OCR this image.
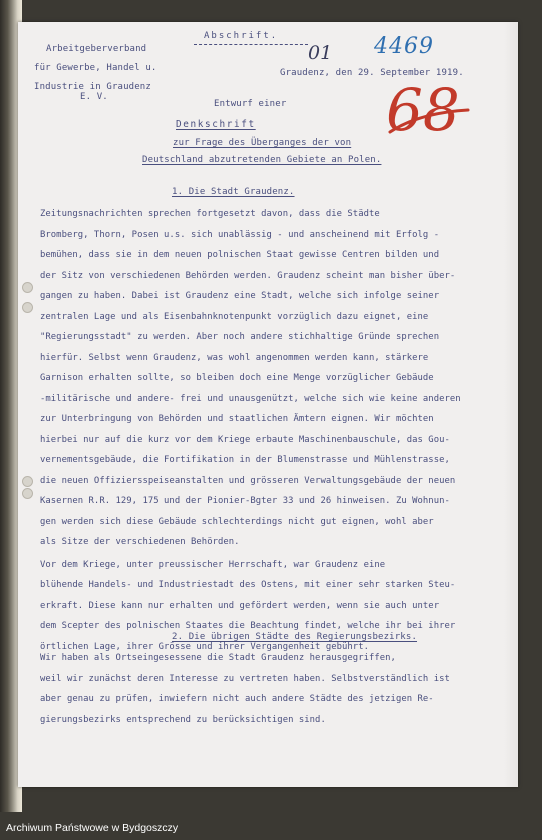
Arbeitgeberverband

für Gewerbe, Handel u.

Industrie in Graudenz

E. V.

Abschrift.

Graudenz, den 29. September 1919.

01 4469

68

Entwurf einer

Denkschrift

zur Frage des Überganges der von

Deutschland abzutretenden Gebiete an Polen.

1. Die Stadt Graudenz.

Zeitungsnachrichten sprechen fortgesetzt davon, dass die Städte
Bromberg, Thorn, Posen u.s. sich unablässig - und anscheinend mit Erfolg -
bemühen, dass sie in dem neuen polnischen Staat gewisse Centren bilden und
der Sitz von verschiedenen Behörden werden. Graudenz scheint man bisher über-
gangen zu haben. Dabei ist Graudenz eine Stadt, welche sich infolge seiner
zentralen Lage und als Eisenbahnknotenpunkt vorzüglich dazu eignet, eine
"Regierungsstadt" zu werden. Aber noch andere stichhaltige Gründe sprechen
hierfür. Selbst wenn Graudenz, was wohl angenommen werden kann, stärkere
Garnison erhalten sollte, so bleiben doch eine Menge vorzüglicher Gebäude
-militärische und andere- frei und unausgenützt, welche sich wie keine anderen
zur Unterbringung von Behörden und staatlichen Ämtern eignen. Wir möchten
hierbei nur auf die kurz vor dem Kriege erbaute Maschinenbauschule, das Gou-
vernementsgebäude, die Fortifikation in der Blumenstrasse und Mühlenstrasse,
die neuen Offiziersspeiseanstalten und grösseren Verwaltungsgebäude der neuen
Kasernen R.R. 129, 175 und der Pionier-Bgter 33 und 26 hinweisen. Zu Wohnun-
gen werden sich diese Gebäude schlechterdings nicht gut eignen, wohl aber
als Sitze der verschiedenen Behörden.
Vor dem Kriege, unter preussischer Herrschaft, war Graudenz eine
blühende Handels- und Industriestadt des Ostens, mit einer sehr starken Steu-
erkraft. Diese kann nur erhalten und gefördert werden, wenn sie auch unter
dem Scepter des polnischen Staates die Beachtung findet, welche ihr bei ihrer
örtlichen Lage, ihrer Grösse und ihrer Vergangenheit gebührt.

2. Die übrigen Städte des Regierungsbezirks.

Wir haben als Ortseingesessene die Stadt Graudenz herausgegriffen,
weil wir zunächst deren Interesse zu vertreten haben. Selbstverständlich ist
aber genau zu prüfen, inwiefern nicht auch andere Städte des jetzigen Re-
gierungsbezirks entsprechend zu berücksichtigen sind.

Archiwum Państwowe w Bydgoszczy
